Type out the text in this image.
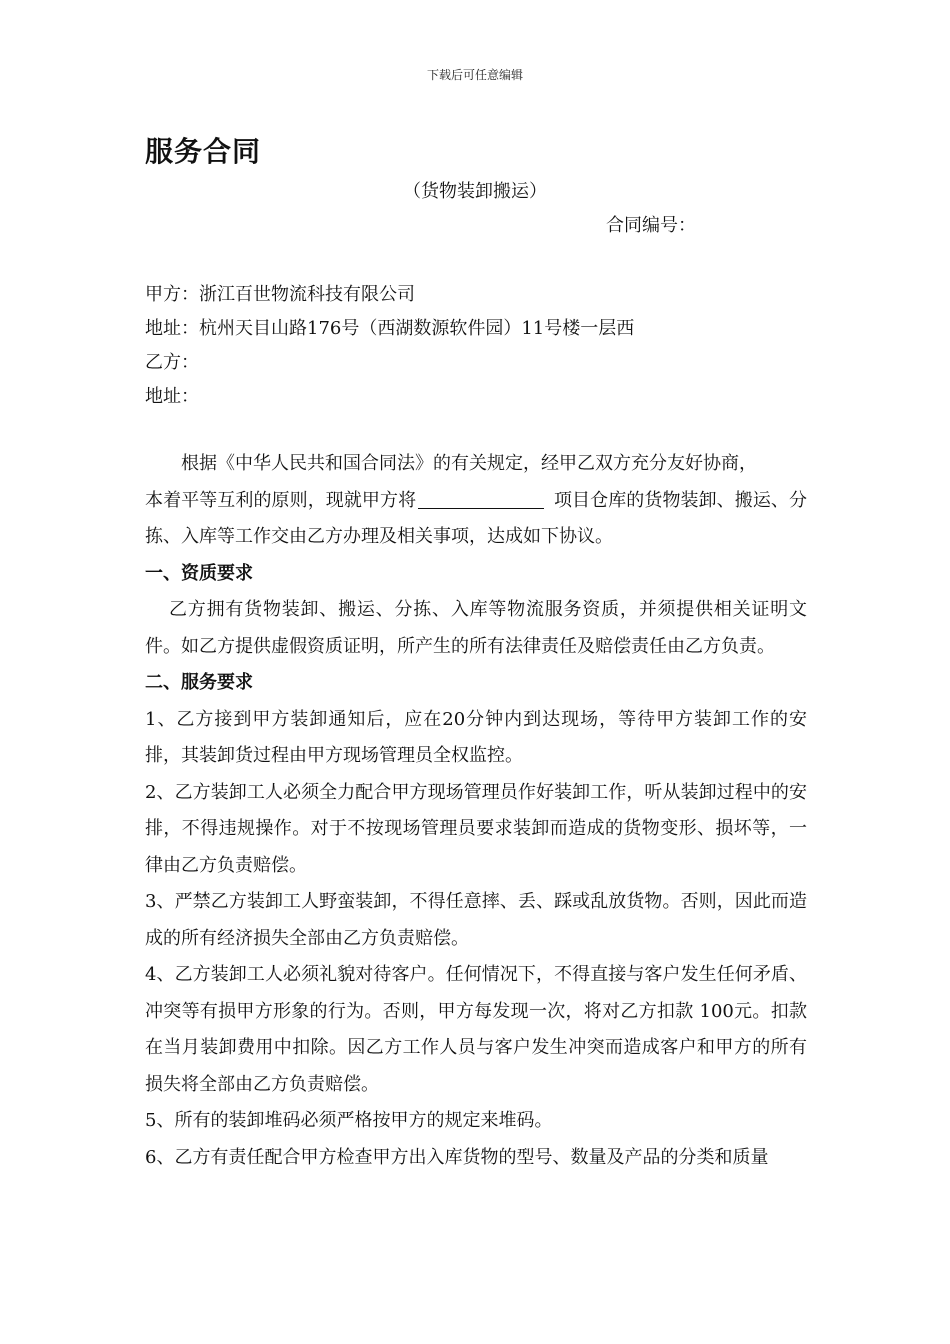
下载后可任意编辑
服务合同
（货物装卸搬运）
合同编号：
甲方：浙江百世物流科技有限公司
地址：杭州天目山路176号（西湖数源软件园）11号楼一层西
乙方：
地址：

根据《中华人民共和国合同法》的有关规定，经甲乙双方充分友好协商，

本着平等互利的原则，现就甲方将	项目仓库的货物装卸、搬运、分拣、入库等工作交由乙方办理及相关事项，达成如下协议。

一、资质要求

乙方拥有货物装卸、搬运、分拣、入库等物流服务资质，并须提供相关证明文件。如乙方提供虚假资质证明，所产生的所有法律责任及赔偿责任由乙方负责。

二、服务要求

1、乙方接到甲方装卸通知后，应在20分钟内到达现场，等待甲方装卸工作的安排，其装卸货过程由甲方现场管理员全权监控。

2、乙方装卸工人必须全力配合甲方现场管理员作好装卸工作，听从装卸过程中的安排，不得违规操作。对于不按现场管理员要求装卸而造成的货物变形、损坏等，一律由乙方负责赔偿。

3、严禁乙方装卸工人野蛮装卸，不得任意摔、丢、踩或乱放货物。否则，因此而造成的所有经济损失全部由乙方负责赔偿。

4、乙方装卸工人必须礼貌对待客户。任何情况下，不得直接与客户发生任何矛盾、冲突等有损甲方形象的行为。否则，甲方每发现一次，将对乙方扣款 100元。扣款在当月装卸费用中扣除。因乙方工作人员与客户发生冲突而造成客户和甲方的所有损失将全部由乙方负责赔偿。

5、所有的装卸堆码必须严格按甲方的规定来堆码。

6、乙方有责任配合甲方检查甲方出入库货物的型号、数量及产品的分类和质量
